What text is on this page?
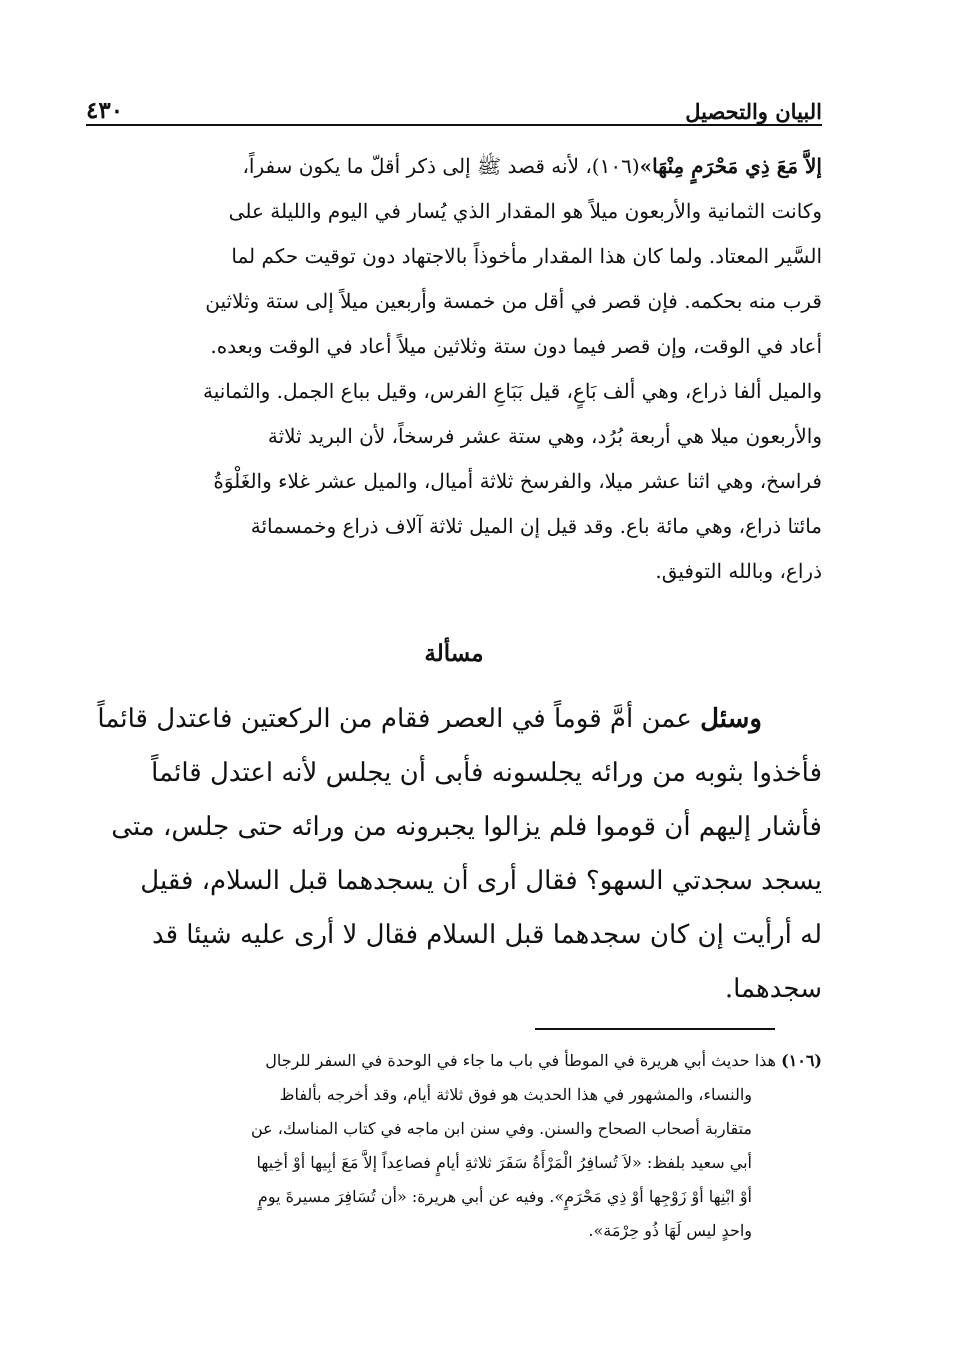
البيان والتحصيل
٤٣٠
إلاَّ مَعَ ذِي مَحْرَمٍ مِنْهَا»(١٠٦)، لأنه قصد ﷺ إلى ذكر أقلّ ما يكون سفراً،
وكانت الثمانية والأربعون ميلاً هو المقدار الذي يُسار في اليوم والليلة على
السَّير المعتاد. ولما كان هذا المقدار مأخوذاً بالاجتهاد دون توقيت حكم لما
قرب منه بحكمه. فإن قصر في أقل من خمسة وأربعين ميلاً إلى ستة وثلاثين
أعاد في الوقت، وإن قصر فيما دون ستة وثلاثين ميلاً أعاد في الوقت وبعده.
والميل ألفا ذراع، وهي ألف بَاعٍ، قيل بَبَاعِ الفرس، وقيل بباع الجمل. والثمانية
والأربعون ميلا هي أربعة بُرُد، وهي ستة عشر فرسخاً، لأن البريد ثلاثة
فراسخ، وهي اثنا عشر ميلا، والفرسخ ثلاثة أميال، والميل عشر غلاء والغَلْوَةُ
مائتا ذراع، وهي مائة باع. وقد قيل إن الميل ثلاثة آلاف ذراع وخمسمائة
ذراع، وبالله التوفيق.
مسألة
وسئل عمن أمَّ قوماً في العصر فقام من الركعتين فاعتدل قائماً
فأخذوا بثوبه من ورائه يجلسونه فأبى أن يجلس لأنه اعتدل قائماً
فأشار إليهم أن قوموا فلم يزالوا يجبرونه من ورائه حتى جلس، متى
يسجد سجدتي السهو؟ فقال أرى أن يسجدهما قبل السلام، فقيل
له أرأيت إن كان سجدهما قبل السلام فقال لا أرى عليه شيئا قد
سجدهما.
(١٠٦) هذا حديث أبي هريرة في الموطأ في باب ما جاء في الوحدة في السفر للرجال
والنساء، والمشهور في هذا الحديث هو فوق ثلاثة أيام، وقد أخرجه بألفاظ
متقاربة أصحاب الصحاح والسنن. وفي سنن ابن ماجه في كتاب المناسك، عن
أبي سعيد بلفظ: «لاَ تُسافِرُ الْمَرْأَةُ سَفَرَ ثلاثةِ أيامٍ فصاعِداً إلاَّ مَعَ أبِيها أوْ أخِيها
أوْ ابْنِها أوْ زَوْجِها أوْ ذِي مَحْرَمٍ». وفيه عن أبي هريرة: «أن تُسَافِرَ مسيرةَ يومٍ
واحدٍ ليس لَهَا ذُو حِرْمَة».
